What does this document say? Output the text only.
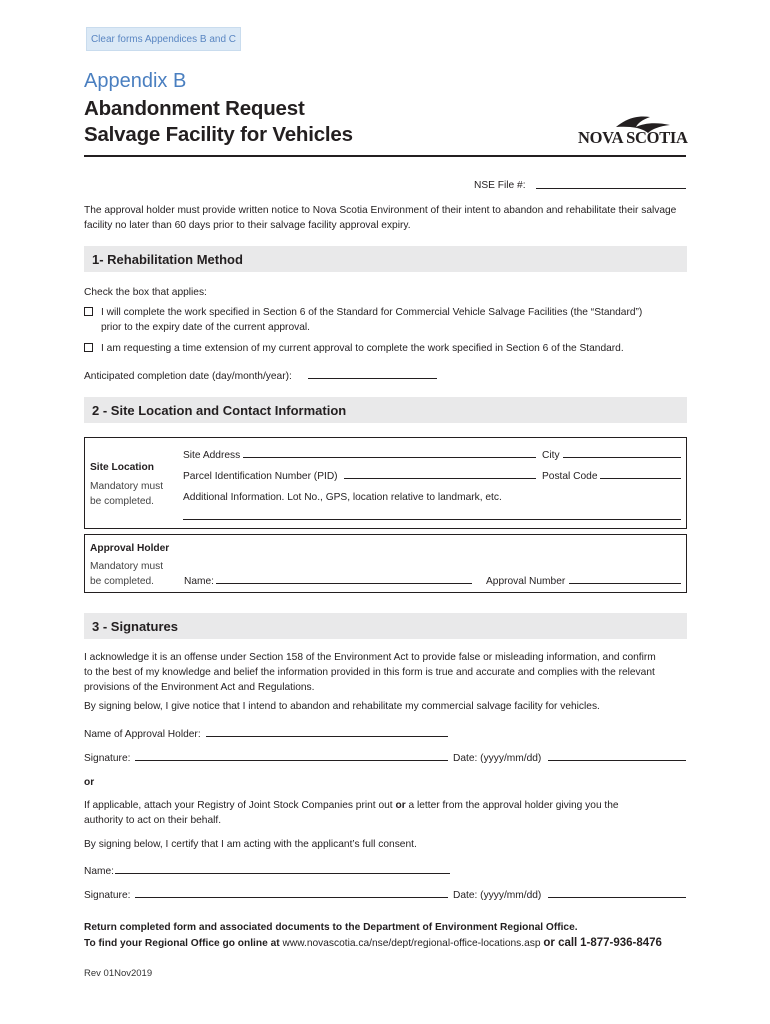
Clear forms Appendices B and C
Appendix B
Abandonment Request
Salvage Facility for Vehicles	NOVA SCOTIA
NSE File #:
The approval holder must provide written notice to Nova Scotia Environment of their intent to abandon and rehabilitate their salvage facility no later than 60 days prior to their salvage facility approval expiry.
1- Rehabilitation Method
Check the box that applies:
I will complete the work specified in Section 6 of the Standard for Commercial Vehicle Salvage Facilities (the “Standard”)
prior to the expiry date of the current approval.
I am requesting a time extension of my current approval to complete the work specified in Section 6 of the Standard.
Anticipated completion date (day/month/year):
2 - Site Location and Contact Information
Site Location
Mandatory must
be completed.
Site Address	City
Parcel Identification Number (PID)	Postal Code
Additional Information. Lot No., GPS, location relative to landmark, etc.
Approval Holder
Mandatory must
be completed.	Name:	Approval Number
3 - Signatures
I acknowledge it is an offense under Section 158 of the Environment Act to provide false or misleading information, and confirm
to the best of my knowledge and belief the information provided in this form is true and accurate and complies with the relevant
provisions of the Environment Act and Regulations.
By signing below, I give notice that I intend to abandon and rehabilitate my commercial salvage facility for vehicles.
Name of Approval Holder:
Signature:	Date: (yyyy/mm/dd)
or
If applicable, attach your Registry of Joint Stock Companies print out or a letter from the approval holder giving you the
authority to act on their behalf.
By signing below, I certify that I am acting with the applicant’s full consent.
Name:
Signature:	Date: (yyyy/mm/dd)
Return completed form and associated documents to the Department of Environment Regional Office.
To find your Regional Office go online at www.novascotia.ca/nse/dept/regional-office-locations.asp or call 1-877-936-8476
Rev 01Nov2019
